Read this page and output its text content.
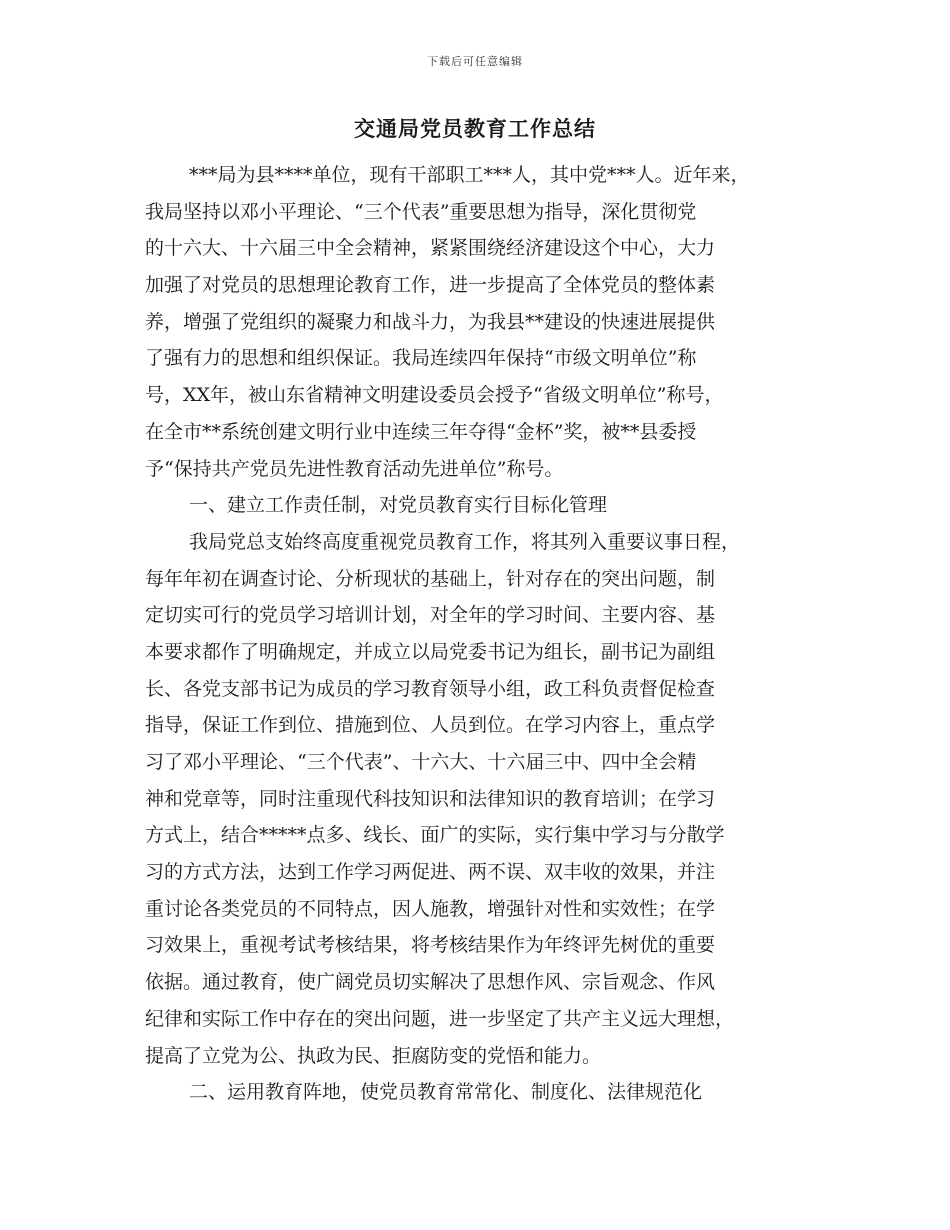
下载后可任意编辑
交通局党员教育工作总结
***局为县****单位，现有干部职工***人，其中党***人。近年来，
我局坚持以邓小平理论、“三个代表”重要思想为指导，深化贯彻党
的十六大、十六届三中全会精神，紧紧围绕经济建设这个中心，大力
加强了对党员的思想理论教育工作，进一步提高了全体党员的整体素
养，增强了党组织的凝聚力和战斗力，为我县**建设的快速进展提供
了强有力的思想和组织保证。我局连续四年保持“市级文明单位”称
号，XX年，被山东省精神文明建设委员会授予“省级文明单位”称号，
在全市**系统创建文明行业中连续三年夺得“金杯”奖，被**县委授
予“保持共产党员先进性教育活动先进单位”称号。
一、建立工作责任制，对党员教育实行目标化管理
我局党总支始终高度重视党员教育工作，将其列入重要议事日程，
每年年初在调查讨论、分析现状的基础上，针对存在的突出问题，制
定切实可行的党员学习培训计划，对全年的学习时间、主要内容、基
本要求都作了明确规定，并成立以局党委书记为组长，副书记为副组
长、各党支部书记为成员的学习教育领导小组，政工科负责督促检查
指导，保证工作到位、措施到位、人员到位。在学习内容上，重点学
习了邓小平理论、“三个代表”、十六大、十六届三中、四中全会精
神和党章等，同时注重现代科技知识和法律知识的教育培训；在学习
方式上，结合*****点多、线长、面广的实际，实行集中学习与分散学
习的方式方法，达到工作学习两促进、两不误、双丰收的效果，并注
重讨论各类党员的不同特点，因人施教，增强针对性和实效性；在学
习效果上，重视考试考核结果，将考核结果作为年终评先树优的重要
依据。通过教育，使广阔党员切实解决了思想作风、宗旨观念、作风
纪律和实际工作中存在的突出问题，进一步坚定了共产主义远大理想，
提高了立党为公、执政为民、拒腐防变的党悟和能力。
二、运用教育阵地，使党员教育常常化、制度化、法律规范化
